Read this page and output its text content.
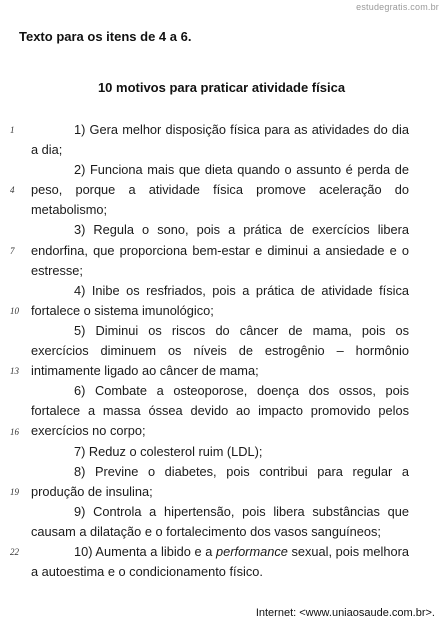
estudegratis.com.br
Texto para os itens de 4 a 6.
10 motivos para praticar atividade física
1
4
7
10
13
16
19
22

1) Gera melhor disposição física para as atividades do dia a dia;

2) Funciona mais que dieta quando o assunto é perda de peso, porque a atividade física promove aceleração do metabolismo;

3) Regula o sono, pois a prática de exercícios libera endorfina, que proporciona bem-estar e diminui a ansiedade e o estresse;

4) Inibe os resfriados, pois a prática de atividade física fortalece o sistema imunológico;

5) Diminui os riscos do câncer de mama, pois os exercícios diminuem os níveis de estrogênio – hormônio intimamente ligado ao câncer de mama;

6) Combate a osteoporose, doença dos ossos, pois fortalece a massa óssea devido ao impacto promovido pelos exercícios no corpo;

7) Reduz o colesterol ruim (LDL);

8) Previne o diabetes, pois contribui para regular a produção de insulina;

9) Controla a hipertensão, pois libera substâncias que causam a dilatação e o fortalecimento dos vasos sanguíneos;

10) Aumenta a libido e a performance sexual, pois melhora a autoestima e o condicionamento físico.

Internet: <www.uniaosaude.com.br>.
